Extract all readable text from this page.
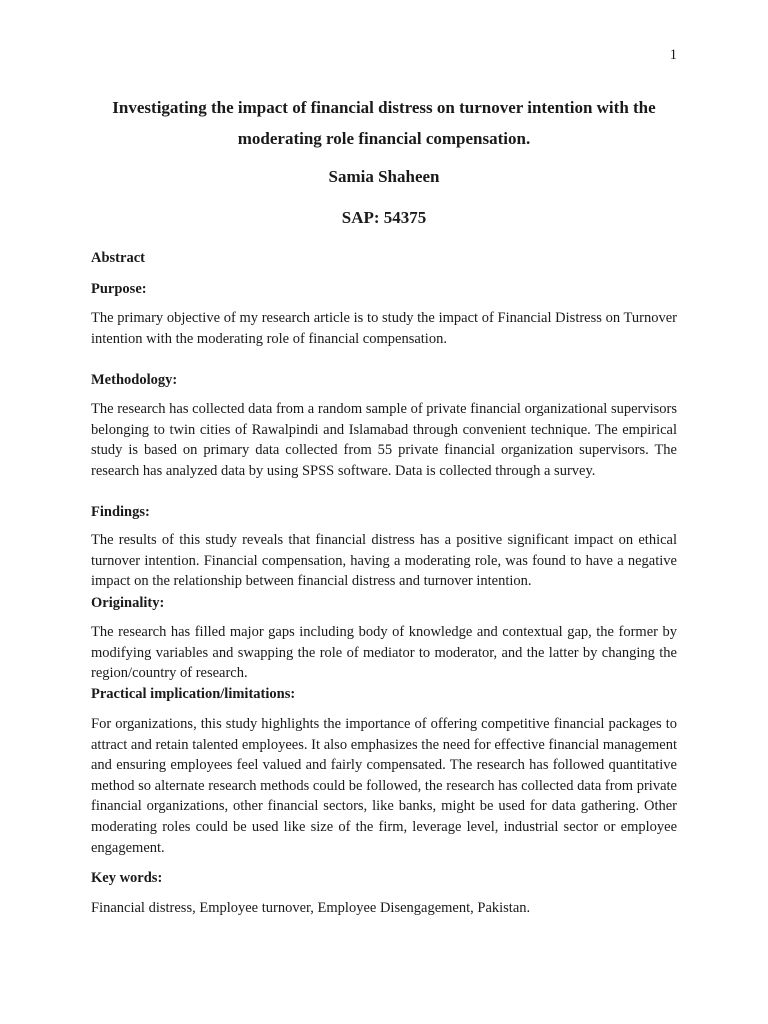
1
Investigating the impact of financial distress on turnover intention with the moderating role financial compensation.
Samia Shaheen
SAP: 54375
Abstract
Purpose:
The primary objective of my research article is to study the impact of Financial Distress on Turnover intention with the moderating role of financial compensation.
Methodology:
The research has collected data from a random sample of private financial organizational supervisors belonging to twin cities of Rawalpindi and Islamabad through convenient technique. The empirical study is based on primary data collected from 55 private financial organization supervisors. The research has analyzed data by using SPSS software. Data is collected through a survey.
Findings:
The results of this study reveals that financial distress has a positive significant impact on ethical turnover intention. Financial compensation, having a moderating role, was found to have a negative impact on the relationship between financial distress and turnover intention.
Originality:
The research has filled major gaps including body of knowledge and contextual gap, the former by modifying variables and swapping the role of mediator to moderator, and the latter by changing the region/country of research.
Practical implication/limitations:
For organizations, this study highlights the importance of offering competitive financial packages to attract and retain talented employees. It also emphasizes the need for effective financial management and ensuring employees feel valued and fairly compensated. The research has followed quantitative method so alternate research methods could be followed, the research has collected data from private financial organizations, other financial sectors, like banks, might be used for data gathering. Other moderating roles could be used like size of the firm, leverage level, industrial sector or employee engagement.
Key words:
Financial distress, Employee turnover, Employee Disengagement, Pakistan.
